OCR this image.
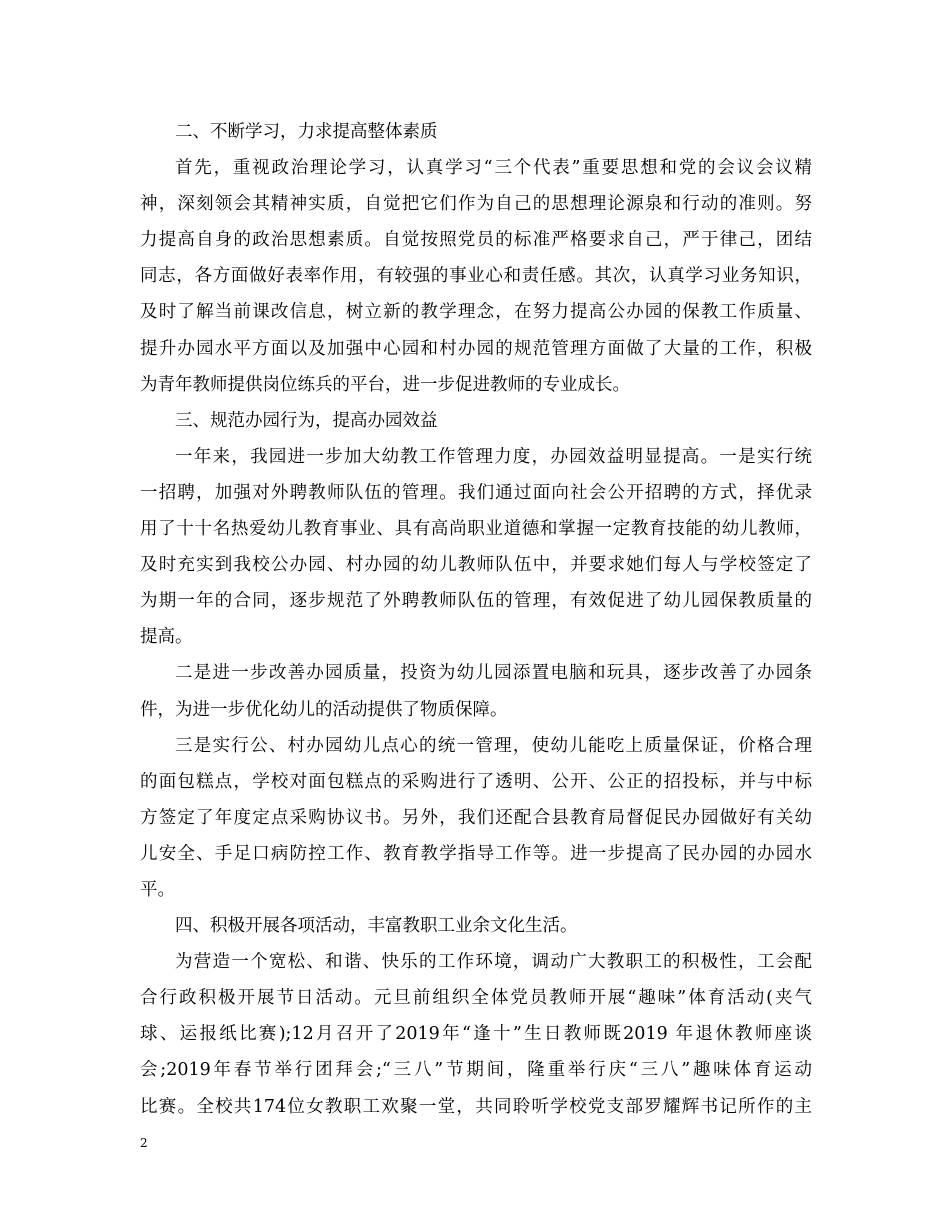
二、不断学习，力求提高整体素质
首先，重视政治理论学习，认真学习“三个代表”重要思想和党的会议会议精
神，深刻领会其精神实质，自觉把它们作为自己的思想理论源泉和行动的准则。努
力提高自身的政治思想素质。自觉按照党员的标准严格要求自己，严于律己，团结
同志，各方面做好表率作用，有较强的事业心和责任感。其次，认真学习业务知识，
及时了解当前课改信息，树立新的教学理念，在努力提高公办园的保教工作质量、
提升办园水平方面以及加强中心园和村办园的规范管理方面做了大量的工作，积极
为青年教师提供岗位练兵的平台，进一步促进教师的专业成长。
三、规范办园行为，提高办园效益
一年来，我园进一步加大幼教工作管理力度，办园效益明显提高。一是实行统
一招聘，加强对外聘教师队伍的管理。我们通过面向社会公开招聘的方式，择优录
用了十十名热爱幼儿教育事业、具有高尚职业道德和掌握一定教育技能的幼儿教师，
及时充实到我校公办园、村办园的幼儿教师队伍中，并要求她们每人与学校签定了
为期一年的合同，逐步规范了外聘教师队伍的管理，有效促进了幼儿园保教质量的
提高。
二是进一步改善办园质量，投资为幼儿园添置电脑和玩具，逐步改善了办园条
件，为进一步优化幼儿的活动提供了物质保障。
三是实行公、村办园幼儿点心的统一管理，使幼儿能吃上质量保证，价格合理
的面包糕点，学校对面包糕点的采购进行了透明、公开、公正的招投标，并与中标
方签定了年度定点采购协议书。另外，我们还配合县教育局督促民办园做好有关幼
儿安全、手足口病防控工作、教育教学指导工作等。进一步提高了民办园的办园水
平。
四、积极开展各项活动，丰富教职工业余文化生活。
为营造一个宽松、和谐、快乐的工作环境，调动广大教职工的积极性，工会配
合行政积极开展节日活动。元旦前组织全体党员教师开展“趣味”体育活动(夹气
球、运报纸比赛);12月召开了2019年“逢十”生日教师既2019 年退休教师座谈
会;2019年春节举行团拜会;“三八”节期间，隆重举行庆“三八”趣味体育运动
比赛。全校共174位女教职工欢聚一堂，共同聆听学校党支部罗耀辉书记所作的主
2
